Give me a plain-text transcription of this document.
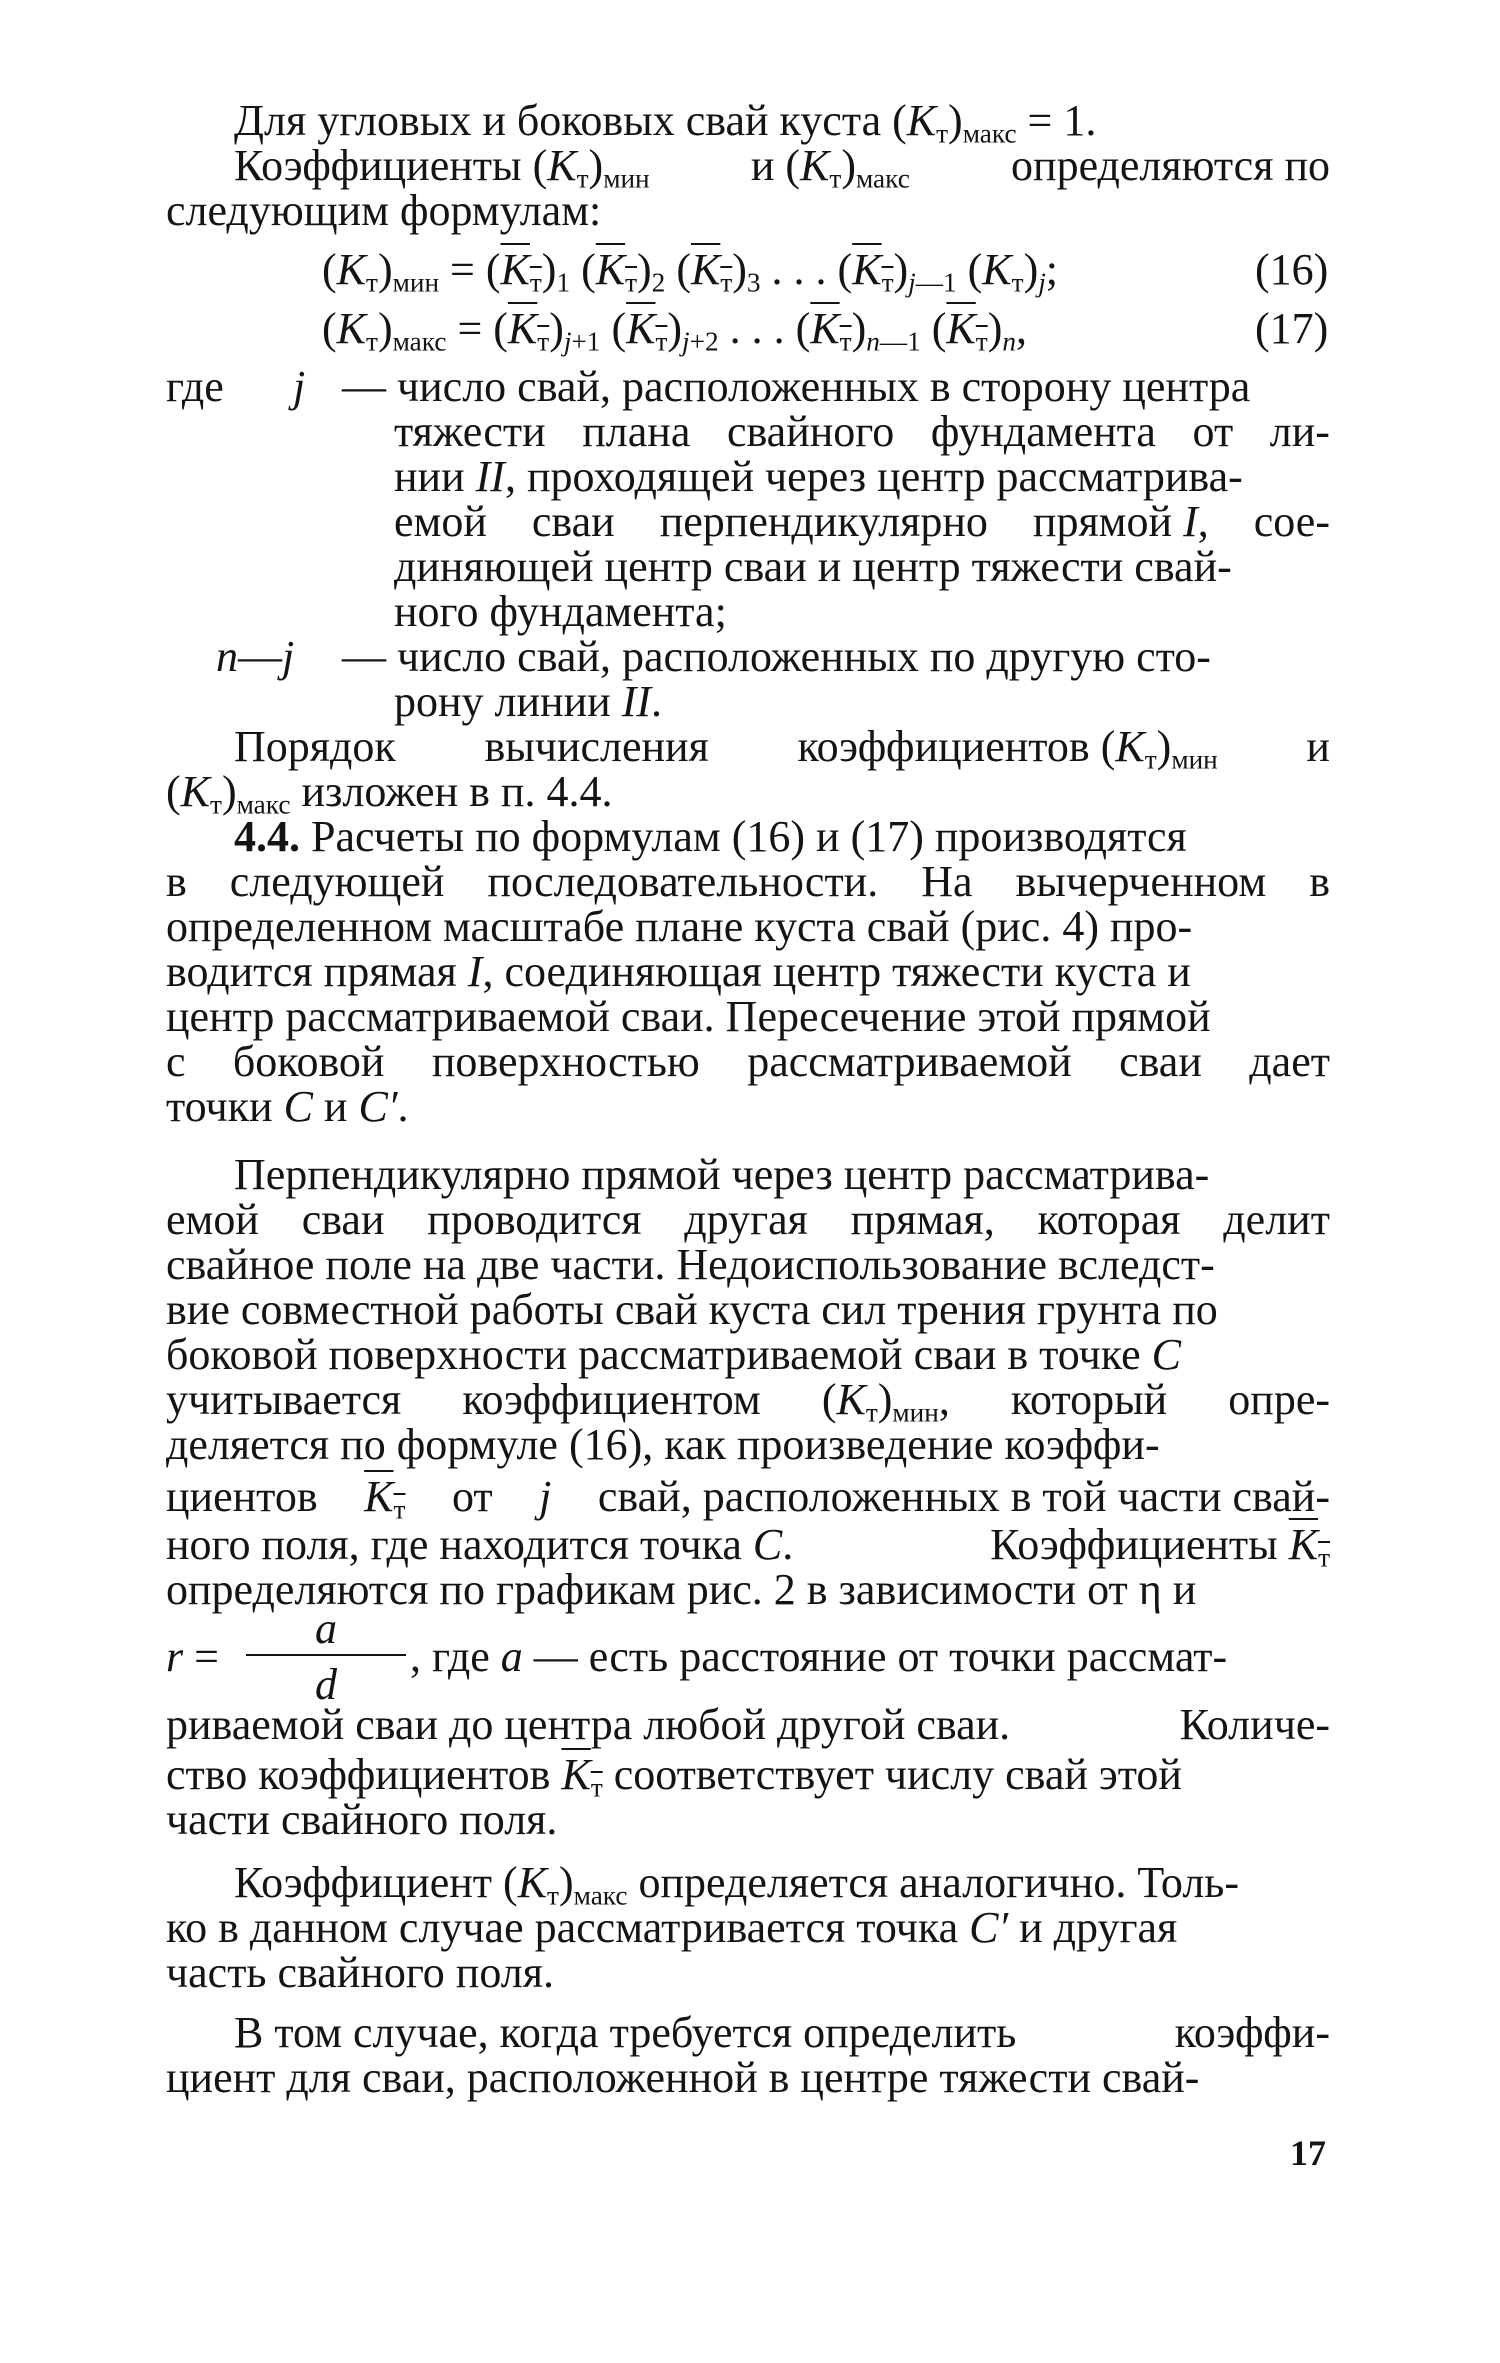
Для угловых и боковых свай куста $(K_т)_{макс} = 1$.
Коэффициенты $(K_т)_{мин}$ и $(K_т)_{макс}$ определяются по
следующим формулам:
$(K_т)_{мин} = (K_т)_1$ $(K_т)_2$ $(K_т)_3$ . . . $(K_т)_{j—1}$ $(K_т)_j$;	(16)
$(K_т)_{макс} = (K_т)_{j+1}$ $(K_т)_{j+2}$ . . . $(K_т)_{n—1}$ $(K_т)_n$,	(17)
где j — число свай, расположенных в сторону центра
тяжести плана свайного фундамента от ли-
нии II, проходящей через центр рассматрива-
емой сваи перпендикулярно прямой I, сое-
диняющей центр сваи и центр тяжести свай-
ного фундамента;
n—j — число свай, расположенных по другую сто-
рону линии II.
Порядок вычисления коэффициентов $(K_т)_{мин}$ и
$(K_т)_{макс}$ изложен в п. 4.4.
4.4. Расчеты по формулам (16) и (17) производятся
в следующей последовательности. На вычерченном в
определенном масштабе плане куста свай (рис. 4) про-
водится прямая I, соединяющая центр тяжести куста и
центр рассматриваемой сваи. Пересечение этой прямой
с боковой поверхностью рассматриваемой сваи дает
точки C и C′.
Перпендикулярно прямой через центр рассматрива-
емой сваи проводится другая прямая, которая делит
свайное поле на две части. Недоиспользование вследст-
вие совместной работы свай куста сил трения грунта по
боковой поверхности рассматриваемой сваи в точке C
учитывается коэффициентом $(K_т)_{мин}$, который опре-
деляется по формуле (16), как произведение коэффи-
циентов $K_т$ от j свай, расположенных в той части свай-
ного поля, где находится точка C.	Коэффициенты $K_т$
определяются по графикам рис. 2 в зависимости от η и
r =
a
d
, где a — есть расстояние от точки рассмат-
риваемой сваи до центра любой другой сваи.	Количе-
ство коэффициентов $K_т$ соответствует числу свай этой
части свайного поля.
Коэффициент $(K_т)_{макс}$ определяется аналогично. Толь-
ко в данном случае рассматривается точка C′ и другая
часть свайного поля.
В том случае, когда требуется определить	коэффи-
циент для сваи, расположенной в центре тяжести свай-
17
